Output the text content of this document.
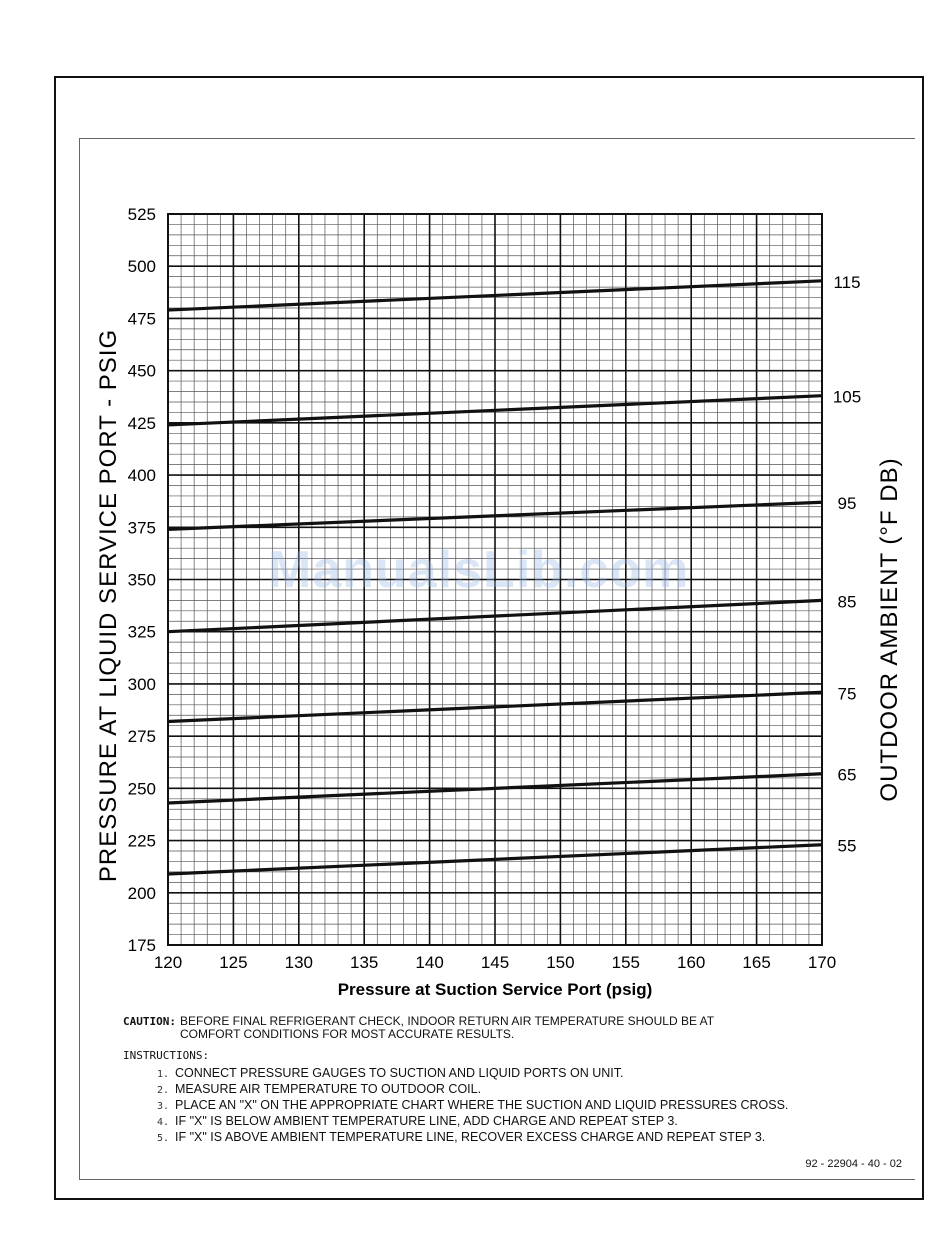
120 125 130 135 140 145 150 155 160 165 170
175
200
225
250
275
300
325
350
375
400
425
450
475
500
525
115
105
95
85
75
65
55
Pressure at Suction Service Port (psig)
PRESSURE AT LIQUID SERVICE PORT - PSIG	OUTDOOR AMBIENT (°F DB)
ManualsLib.com
CAUTION: BEFORE FINAL REFRIGERANT CHECK, INDOOR RETURN AIR TEMPERATURE SHOULD BE AT COMFORT CONDITIONS FOR MOST ACCURATE RESULTS.
INSTRUCTIONS:
1. CONNECT PRESSURE GAUGES TO SUCTION AND LIQUID PORTS ON UNIT.
2. MEASURE AIR TEMPERATURE TO OUTDOOR COIL.
3. PLACE AN "X" ON THE APPROPRIATE CHART WHERE THE SUCTION AND LIQUID PRESSURES CROSS.
4. IF "X" IS BELOW AMBIENT TEMPERATURE LINE, ADD CHARGE AND REPEAT STEP 3.
5. IF "X" IS ABOVE AMBIENT TEMPERATURE LINE, RECOVER EXCESS CHARGE AND REPEAT STEP 3.
92 - 22904 - 40 - 02
